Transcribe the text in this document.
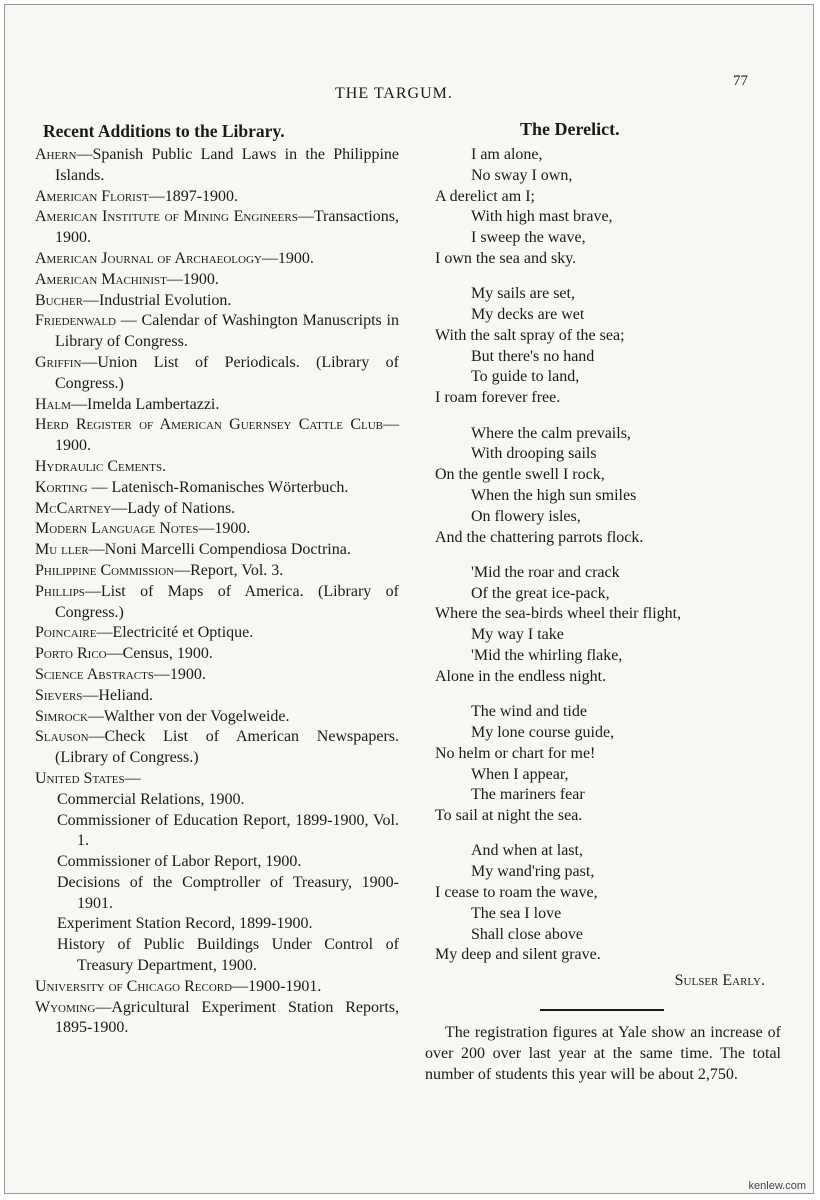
THE TARGUM.
77
Recent Additions to the Library.
Ahern—Spanish Public Land Laws in the Philippine Islands.
American Florist—1897-1900.
American Institute of Mining Engineers—Transactions, 1900.
American Journal of Archaeology—1900.
American Machinist—1900.
Bucher—Industrial Evolution.
Friedenwald — Calendar of Washington Manuscripts in Library of Congress.
Griffin—Union List of Periodicals. (Library of Congress.)
Halm—Imelda Lambertazzi.
Herd Register of American Guernsey Cattle Club—1900.
Hydraulic Cements.
Korting — Latenisch-Romanisches Wörterbuch.
McCartney—Lady of Nations.
Modern Language Notes—1900.
Mu ller—Noni Marcelli Compendiosa Doctrina.
Philippine Commission—Report, Vol. 3.
Phillips—List of Maps of America. (Library of Congress.)
Poincaire—Electricité et Optique.
Porto Rico—Census, 1900.
Science Abstracts—1900.
Sievers—Heliand.
Simrock—Walther von der Vogelweide.
Slauson—Check List of American Newspapers. (Library of Congress.)
United States—
Commercial Relations, 1900.
Commissioner of Education Report, 1899-1900, Vol. 1.
Commissioner of Labor Report, 1900.
Decisions of the Comptroller of Treasury, 1900-1901.
Experiment Station Record, 1899-1900.
History of Public Buildings Under Control of Treasury Department, 1900.
University of Chicago Record—1900-1901.
Wyoming—Agricultural Experiment Station Reports, 1895-1900.
The Derelict.
I am alone,
No sway I own,
A derelict am I;
With high mast brave,
I sweep the wave,
I own the sea and sky.
My sails are set,
My decks are wet
With the salt spray of the sea;
But there's no hand
To guide to land,
I roam forever free.
Where the calm prevails,
With drooping sails
On the gentle swell I rock,
When the high sun smiles
On flowery isles,
And the chattering parrots flock.
'Mid the roar and crack
Of the great ice-pack,
Where the sea-birds wheel their flight,
My way I take
'Mid the whirling flake,
Alone in the endless night.
The wind and tide
My lone course guide,
No helm or chart for me!
When I appear,
The mariners fear
To sail at night the sea.
And when at last,
My wand'ring past,
I cease to roam the wave,
The sea I love
Shall close above
My deep and silent grave.
Sulser Early.

The registration figures at Yale show an increase of over 200 over last year at the same time. The total number of students this year will be about 2,750.

kenlew.com
